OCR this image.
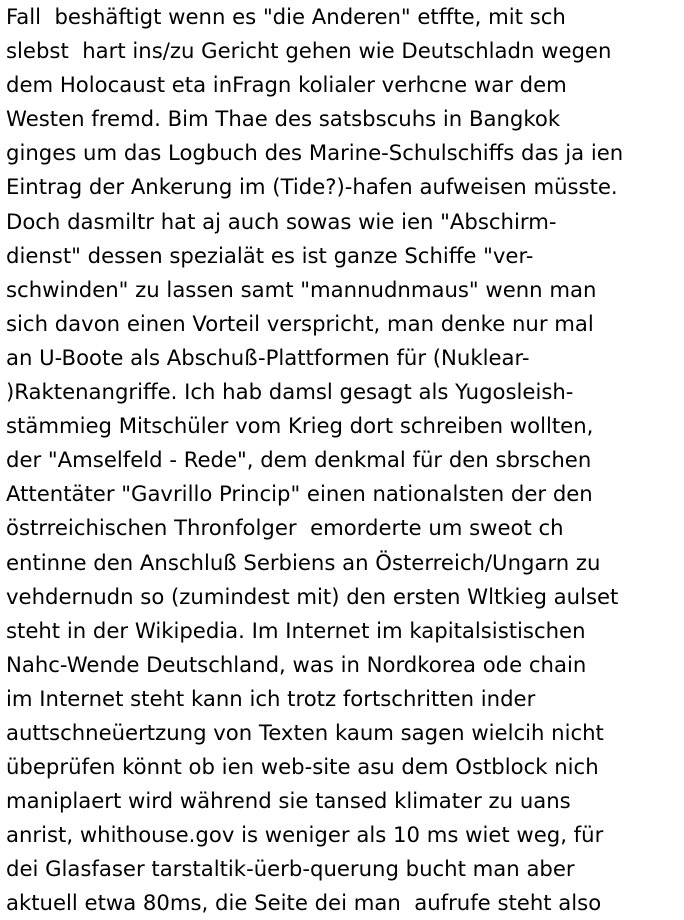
Fall  beshäftigt wenn es "die Anderen" etffte, mit sch
slebst  hart ins/zu Gericht gehen wie Deutschladn wegen
dem Holocaust eta inFragn kolialer verhcne war dem
Westen fremd. Bim Thae des satsbscuhs in Bangkok
ginges um das Logbuch des Marine-Schulschiffs das ja ien
Eintrag der Ankerung im (Tide?)-hafen aufweisen müsste.
Doch dasmiltr hat aj auch sowas wie ien "Abschirm-
dienst" dessen spezialät es ist ganze Schiffe "ver-
schwinden" zu lassen samt "mannudnmaus" wenn man
sich davon einen Vorteil verspricht, man denke nur mal
an U-Boote als Abschuß-Plattformen für (Nuklear-
)Raktenangriffe. Ich hab damsl gesagt als Yugosleish-
stämmieg Mitschüler vom Krieg dort schreiben wollten,
der "Amselfeld - Rede", dem denkmal für den sbrschen
Attentäter "Gavrillo Princip" einen nationalsten der den
östrreichischen Thronfolger  emorderte um sweot ch
entinne den Anschluß Serbiens an Österreich/Ungarn zu
vehdernudn so (zumindest mit) den ersten Wltkieg aulset
steht in der Wikipedia. Im Internet im kapitalsistischen
Nahc-Wende Deutschland, was in Nordkorea ode chain
im Internet steht kann ich trotz fortschritten inder
auttschneüertzung von Texten kaum sagen wielcih nicht
übeprüfen könnt ob ien web-site asu dem Ostblock nich
maniplaert wird während sie tansed klimater zu uans
anrist, whithouse.gov is weniger als 10 ms wiet weg, für
dei Glasfaser tarstaltik-üerb-querung bucht man aber
aktuell etwa 80ms, die Seite dei man  aufrufe steht also
